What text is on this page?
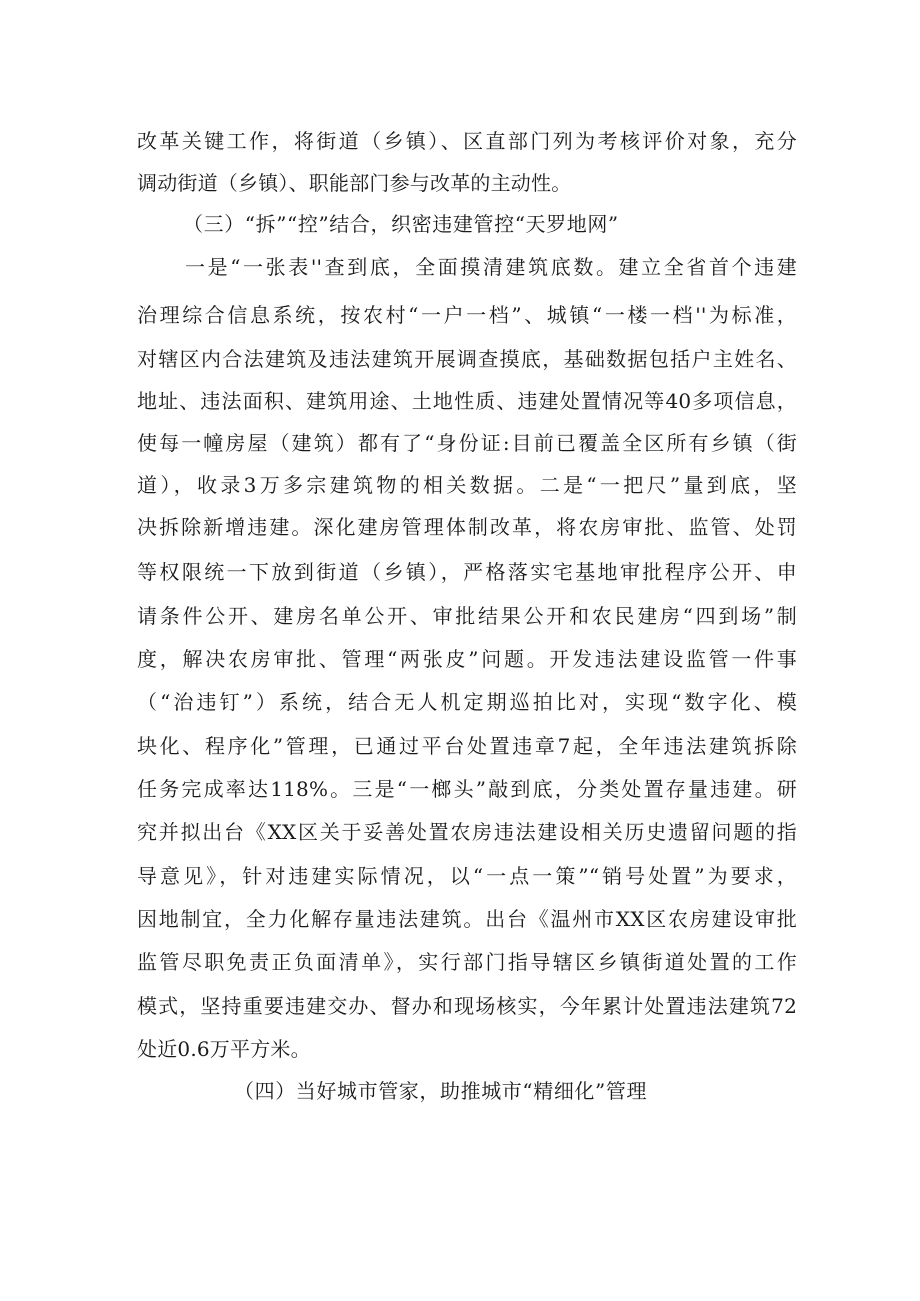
改革关键工作，将街道（乡镇）、区直部门列为考核评价对象，充分
调动街道（乡镇）、职能部门参与改革的主动性。
（三）“拆”“控”结合，织密违建管控“天罗地网”
一是“一张表''查到底，全面摸清建筑底数。建立全省首个违建
治理综合信息系统，按农村“一户一档”、城镇“一楼一档''为标准，
对辖区内合法建筑及违法建筑开展调查摸底，基础数据包括户主姓名、
地址、违法面积、建筑用途、土地性质、违建处置情况等40多项信息，
使每一幢房屋（建筑）都有了“身份证:目前已覆盖全区所有乡镇（街
道），收录3万多宗建筑物的相关数据。二是“一把尺”量到底，坚
决拆除新增违建。深化建房管理体制改革，将农房审批、监管、处罚
等权限统一下放到街道（乡镇），严格落实宅基地审批程序公开、申
请条件公开、建房名单公开、审批结果公开和农民建房“四到场”制
度，解决农房审批、管理“两张皮”问题。开发违法建设监管一件事
（“治违钉”）系统，结合无人机定期巡拍比对，实现“数字化、模
块化、程序化”管理，已通过平台处置违章7起，全年违法建筑拆除
任务完成率达118%。三是“一榔头”敲到底，分类处置存量违建。研
究并拟出台《XX区关于妥善处置农房违法建设相关历史遗留问题的指
导意见》，针对违建实际情况，以“一点一策”“销号处置”为要求，
因地制宜，全力化解存量违法建筑。出台《温州市XX区农房建设审批
监管尽职免责正负面清单》，实行部门指导辖区乡镇街道处置的工作
模式，坚持重要违建交办、督办和现场核实，今年累计处置违法建筑72
处近0.6万平方米。
（四）当好城市管家，助推城市“精细化”管理
